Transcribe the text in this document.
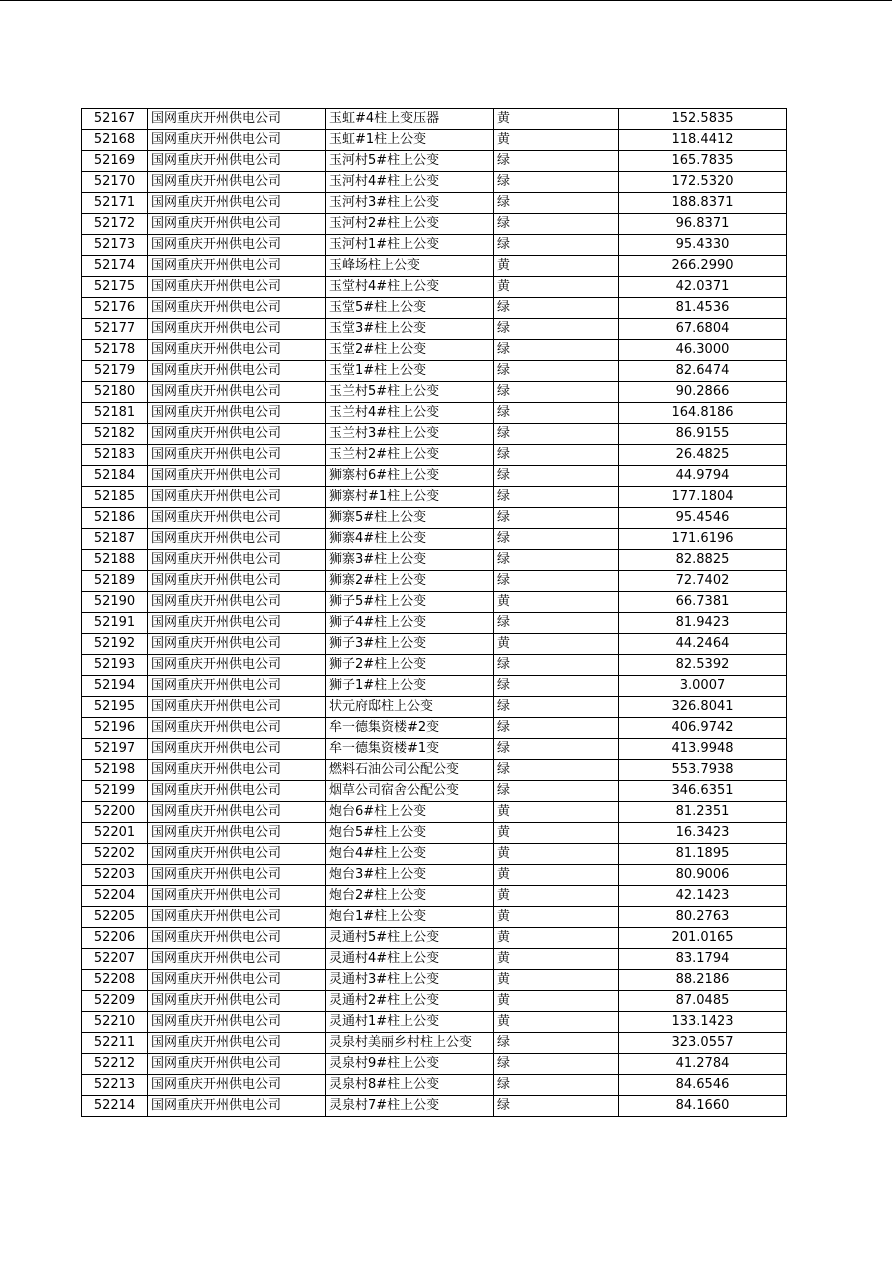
52167	国网重庆开州供电公司	玉虹#4柱上变压器	黄	152.5835
52168	国网重庆开州供电公司	玉虹#1柱上公变	黄	118.4412
52169	国网重庆开州供电公司	玉河村5#柱上公变	绿	165.7835
52170	国网重庆开州供电公司	玉河村4#柱上公变	绿	172.5320
52171	国网重庆开州供电公司	玉河村3#柱上公变	绿	188.8371
52172	国网重庆开州供电公司	玉河村2#柱上公变	绿	96.8371
52173	国网重庆开州供电公司	玉河村1#柱上公变	绿	95.4330
52174	国网重庆开州供电公司	玉峰场柱上公变	黄	266.2990
52175	国网重庆开州供电公司	玉堂村4#柱上公变	黄	42.0371
52176	国网重庆开州供电公司	玉堂5#柱上公变	绿	81.4536
52177	国网重庆开州供电公司	玉堂3#柱上公变	绿	67.6804
52178	国网重庆开州供电公司	玉堂2#柱上公变	绿	46.3000
52179	国网重庆开州供电公司	玉堂1#柱上公变	绿	82.6474
52180	国网重庆开州供电公司	玉兰村5#柱上公变	绿	90.2866
52181	国网重庆开州供电公司	玉兰村4#柱上公变	绿	164.8186
52182	国网重庆开州供电公司	玉兰村3#柱上公变	绿	86.9155
52183	国网重庆开州供电公司	玉兰村2#柱上公变	绿	26.4825
52184	国网重庆开州供电公司	狮寨村6#柱上公变	绿	44.9794
52185	国网重庆开州供电公司	狮寨村#1柱上公变	绿	177.1804
52186	国网重庆开州供电公司	狮寨5#柱上公变	绿	95.4546
52187	国网重庆开州供电公司	狮寨4#柱上公变	绿	171.6196
52188	国网重庆开州供电公司	狮寨3#柱上公变	绿	82.8825
52189	国网重庆开州供电公司	狮寨2#柱上公变	绿	72.7402
52190	国网重庆开州供电公司	狮子5#柱上公变	黄	66.7381
52191	国网重庆开州供电公司	狮子4#柱上公变	绿	81.9423
52192	国网重庆开州供电公司	狮子3#柱上公变	黄	44.2464
52193	国网重庆开州供电公司	狮子2#柱上公变	绿	82.5392
52194	国网重庆开州供电公司	狮子1#柱上公变	绿	3.0007
52195	国网重庆开州供电公司	状元府邸柱上公变	绿	326.8041
52196	国网重庆开州供电公司	牟一德集资楼#2变	绿	406.9742
52197	国网重庆开州供电公司	牟一德集资楼#1变	绿	413.9948
52198	国网重庆开州供电公司	燃料石油公司公配公变	绿	553.7938
52199	国网重庆开州供电公司	烟草公司宿舍公配公变	绿	346.6351
52200	国网重庆开州供电公司	炮台6#柱上公变	黄	81.2351
52201	国网重庆开州供电公司	炮台5#柱上公变	黄	16.3423
52202	国网重庆开州供电公司	炮台4#柱上公变	黄	81.1895
52203	国网重庆开州供电公司	炮台3#柱上公变	黄	80.9006
52204	国网重庆开州供电公司	炮台2#柱上公变	黄	42.1423
52205	国网重庆开州供电公司	炮台1#柱上公变	黄	80.2763
52206	国网重庆开州供电公司	灵通村5#柱上公变	黄	201.0165
52207	国网重庆开州供电公司	灵通村4#柱上公变	黄	83.1794
52208	国网重庆开州供电公司	灵通村3#柱上公变	黄	88.2186
52209	国网重庆开州供电公司	灵通村2#柱上公变	黄	87.0485
52210	国网重庆开州供电公司	灵通村1#柱上公变	黄	133.1423
52211	国网重庆开州供电公司	灵泉村美丽乡村柱上公变	绿	323.0557
52212	国网重庆开州供电公司	灵泉村9#柱上公变	绿	41.2784
52213	国网重庆开州供电公司	灵泉村8#柱上公变	绿	84.6546
52214	国网重庆开州供电公司	灵泉村7#柱上公变	绿	84.1660
